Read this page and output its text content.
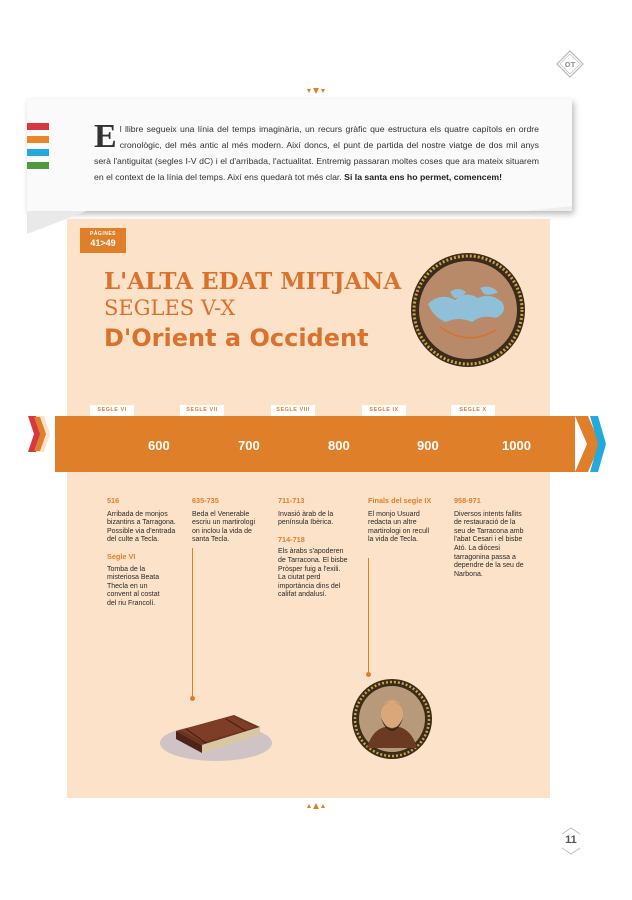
OT
El llibre segueix una línia del temps imaginària, un recurs gràfic que estructura els quatre capítols en ordre cronològic, del més antic al més modern. Així doncs, el punt de partida del nostre viatge de dos mil anys serà l'antiguitat (segles I-V dC) i el d'arribada, l'actualitat. Entremig passaran moltes coses que ara mateix situarem en el context de la línia del temps. Així ens quedarà tot més clar. Si la santa ens ho permet, comencem!
PÀGINES
41>49
L'ALTA EDAT MITJANA
SEGLES V-X
D'Orient a Occident
SEGLE VI	SEGLE VII	SEGLE VIII	SEGLE IX	SEGLE X
600	700	800	900	1000
516

Arribada de monjos bizantins a Tarragona. Possible via d'entrada del culte a Tecla.

Segle VI

Tomba de la misteriosa Beata Thecla en un convent al costat del riu Francolí.

635-735

Beda el Venerable escriu un martirologi on inclou la vida de santa Tecla.

711-713

Invasió àrab de la península Ibèrica.

714-718

Els àrabs s'apoderen de Tarracona. El bisbe Pròsper fuig a l'exili. La ciutat perd importància dins del califat andalusí.

Finals del segle IX

El monjo Usuard redacta un altre martirologi on recull la vida de Tecla.

958-971

Diversos intents fallits de restauració de la seu de Tarracona amb l'abat Cesari i el bisbe Ató. La diòcesi tarragonina passa a dependre de la seu de Narbona.

11
